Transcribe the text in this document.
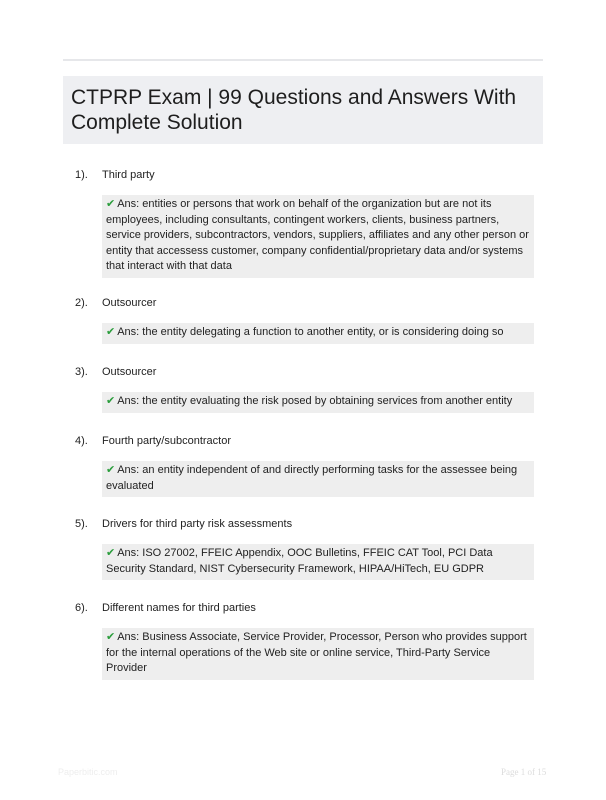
CTPRP Exam | 99 Questions and Answers With Complete Solution
1).	Third party
✔ Ans: entities or persons that work on behalf of the organization but are not its employees, including consultants, contingent workers, clients, business partners, service providers, subcontractors, vendors, suppliers, affiliates and any other person or entity that accessess customer, company confidential/proprietary data and/or systems that interact with that data
2).	Outsourcer
✔ Ans: the entity delegating a function to another entity, or is considering doing so
3).	Outsourcer
✔ Ans: the entity evaluating the risk posed by obtaining services from another entity
4).	Fourth party/subcontractor
✔ Ans: an entity independent of and directly performing tasks for the assessee being evaluated
5).	Drivers for third party risk assessments
✔ Ans: ISO 27002, FFEIC Appendix, OOC Bulletins, FFEIC CAT Tool, PCI Data Security Standard, NIST Cybersecurity Framework, HIPAA/HiTech, EU GDPR
6).	Different names for third parties
✔ Ans: Business Associate, Service Provider, Processor, Person who provides support for the internal operations of the Web site or online service, Third-Party Service Provider
Paperbitic.com	Page 1 of 15
